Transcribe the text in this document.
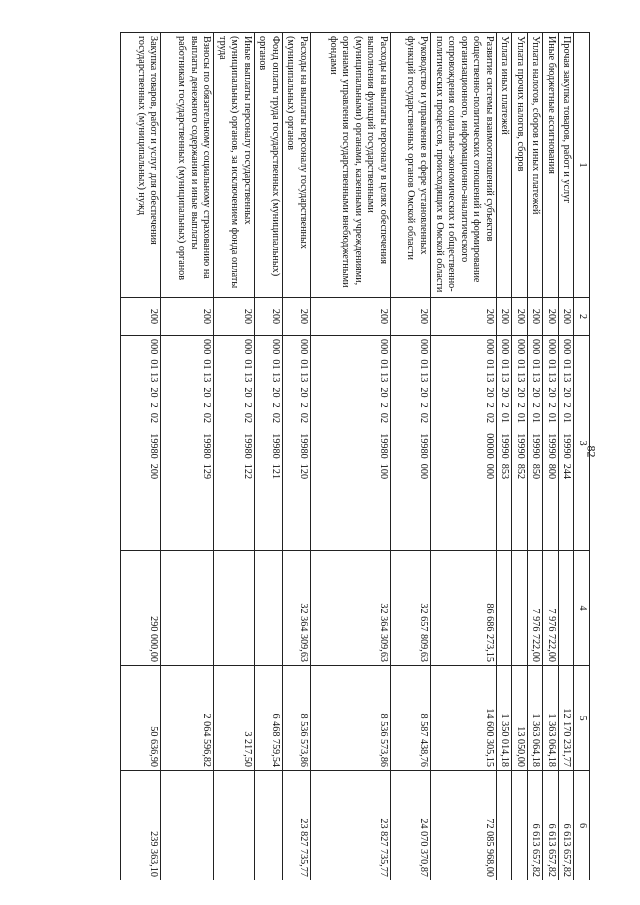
82
1	2	3	4	5	6
Прочая закупка товаров, работ и услуг	200	000  01 13  20  2  01    19990  244		12 170 231,77	6 613 657,82
Иные бюджетные ассигнования	200	000  01 13  20  2  01    19990  800	7 976 722,00	1 363 064,18	6 613 657,82
Уплата налогов, сборов и иных платежей	200	000  01 13  20  2  01    19990  850	7 976 722,00	1 363 064,18	6 613 657,82
Уплата прочих налогов, сборов	200	000  01 13  20  2  01    19990  852		13 050,00	
Уплата иных платежей	200	000  01 13  20  2  01    19990  853		1 350 014,18	
Развитие системы взаимоотношений субъектов общественно-политических отношений и формирование организационного, информационно-аналитического сопровождения социально-экономических и общественно-политических процессов, происходящих в Омской области	200	000  01 13  20  2  02    00000  000	86 686 273,15	14 600 305,15	72 085 968,00
Руководство и управление в сфере установленных функций государственных органов Омской области	200	000  01 13  20  2  02    19980  000	32 657 809,63	8 587 438,76	24 070 370,87
Расходы на выплаты персоналу в целях обеспечения выполнения функций государственными (муниципальными) органами, казенными учреждениями, органами управления государственными внебюджетными фондами	200	000  01 13  20  2  02    19980  100	32 364 309,63	8 536 573,86	23 827 735,77
Расходы на выплаты персоналу государственных (муниципальных) органов	200	000  01 13  20  2  02    19980  120	32 364 309,63	8 536 573,86	23 827 735,77
Фонд оплаты труда государственных (муниципальных) органов	200	000  01 13  20  2  02    19980  121		6 468 759,54	
Иные выплаты персоналу государственных (муниципальных) органов, за исключением фонда оплаты труда	200	000  01 13  20  2  02    19980  122		3 217,50	
Взносы по обязательному социальному страхованию на выплаты денежного содержания и иные выплаты работникам государственных (муниципальных) органов	200	000  01 13  20  2  02    19980  129		2 064 596,82	
Закупка товаров, работ и услуг для обеспечения государственных (муниципальных) нужд	200	000  01 13  20  2  02    19980  200	290 000,00	50 636,90	239 363,10
